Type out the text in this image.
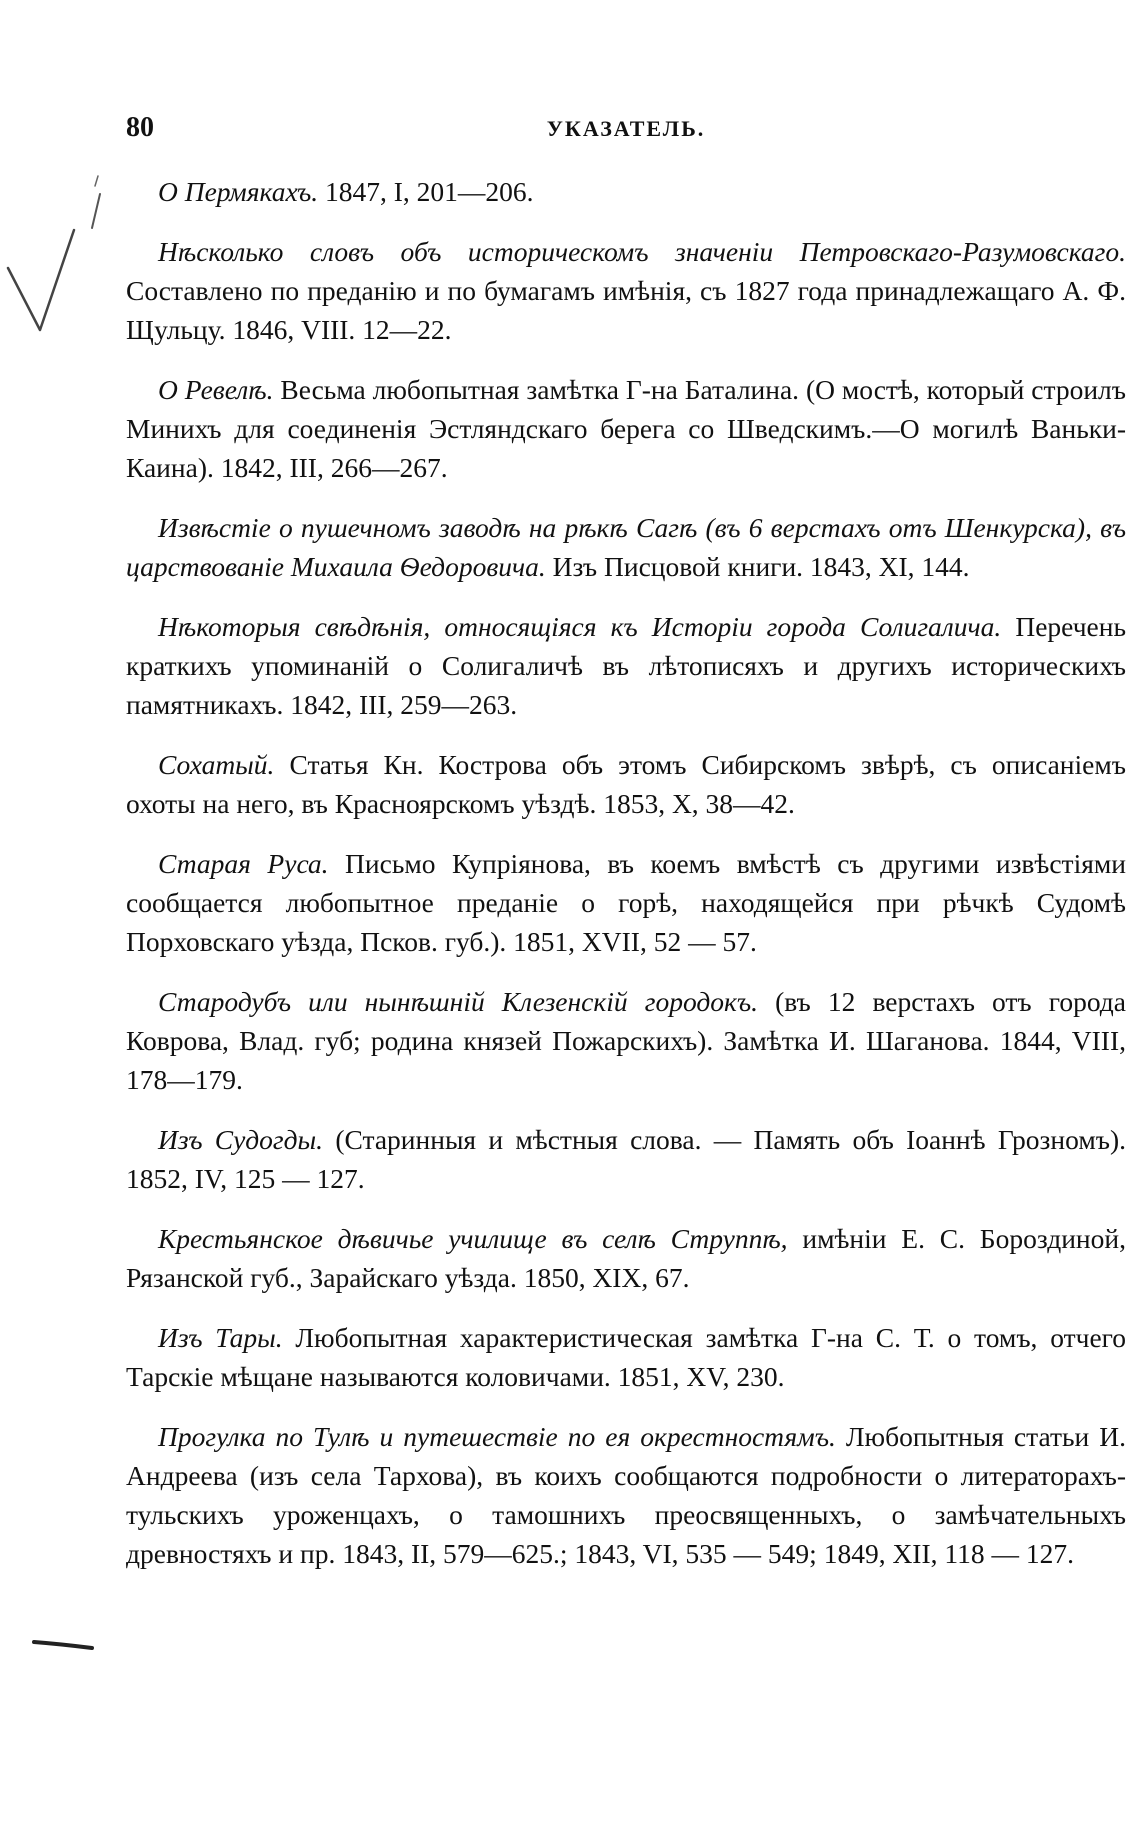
80	УКАЗАТЕЛЬ.

О Пермякахъ. 1847, I, 201—206.

Нѣсколько словъ объ историческомъ значеніи Петровскаго-Разумовскаго. Составлено по преданію и по бумагамъ имѣнія, съ 1827 года принадлежащаго А. Ф. Щульцу. 1846, VIII. 12—22.

О Ревелѣ. Весьма любопытная замѣтка Г-на Баталина. (О мостѣ, который строилъ Минихъ для соединенія Эстляндскаго берега со Шведскимъ.—О могилѣ Ваньки-Каина). 1842, III, 266—267.

Извѣстіе о пушечномъ заводѣ на рѣкѣ Сагѣ (въ 6 верстахъ отъ Шенкурска), въ царствованіе Михаила Ѳедоровича. Изъ Писцовой книги. 1843, XI, 144.

Нѣкоторыя свѣдѣнія, относящіяся къ Исторіи города Солигалича. Перечень краткихъ упоминаній о Солигаличѣ въ лѣтописяхъ и другихъ историческихъ памятникахъ. 1842, III, 259—263.

Сохатый. Статья Кн. Кострова объ этомъ Сибирскомъ звѣрѣ, съ описаніемъ охоты на него, въ Красноярскомъ уѣздѣ. 1853, X, 38—42.

Старая Руса. Письмо Купріянова, въ коемъ вмѣстѣ съ другими извѣстіями сообщается любопытное преданіе о горѣ, находящейся при рѣчкѣ Судомѣ Порховскаго уѣзда, Псков. губ.). 1851, XVII, 52 — 57.

Стародубъ или нынѣшній Клезенскій городокъ. (въ 12 верстахъ отъ города Коврова, Влад. губ; родина князей Пожарскихъ). Замѣтка И. Шаганова. 1844, VIII, 178—179.

Изъ Судогды. (Старинныя и мѣстныя слова. — Память объ Іоаннѣ Грозномъ). 1852, IV, 125 — 127.

Крестьянское дѣвичье училище въ селѣ Струппѣ, имѣніи Е. С. Бороздиной, Рязанской губ., Зарайскаго уѣзда. 1850, XIX, 67.

Изъ Тары. Любопытная характеристическая замѣтка Г-на С. Т. о томъ, отчего Тарскіе мѣщане называются коловичами. 1851, XV, 230.

Прогулка по Тулѣ и путешествіе по ея окрестностямъ. Любопытныя статьи И. Андреева (изъ села Тархова), въ коихъ сообщаются подробности о литераторахъ-тульскихъ уроженцахъ, о тамошнихъ преосвященныхъ, о замѣчательныхъ древностяхъ и пр. 1843, II, 579—625.; 1843, VI, 535 — 549; 1849, XII, 118 — 127.
